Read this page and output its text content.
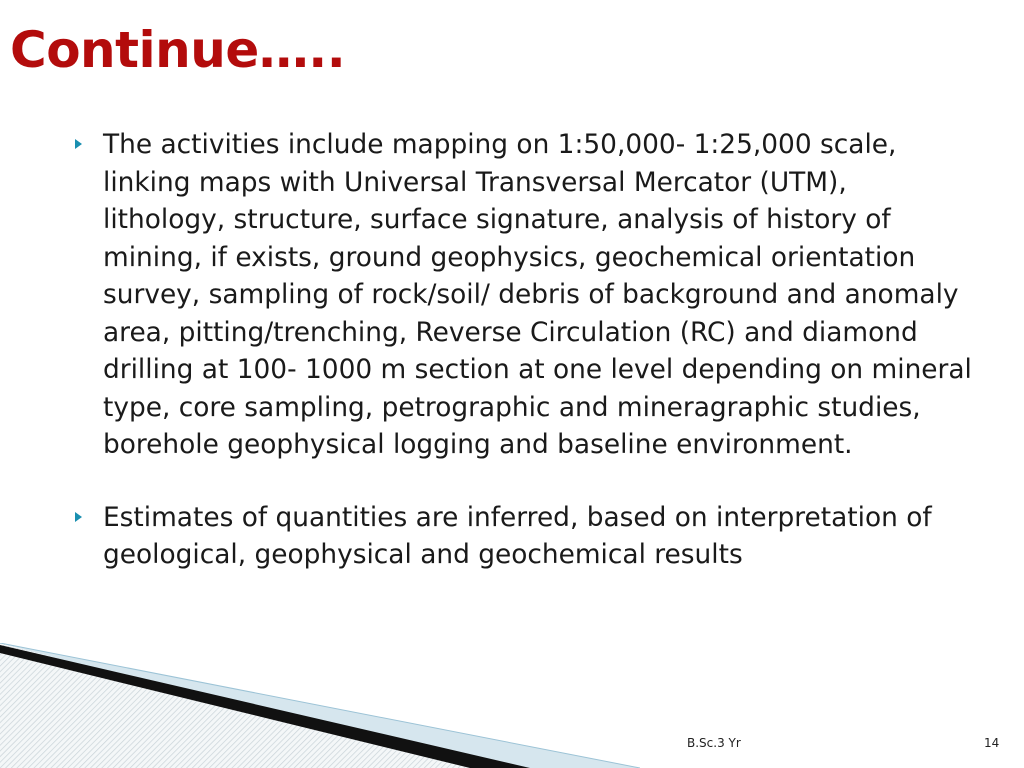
Continue…..
The activities include mapping on 1:50,000- 1:25,000 scale, linking maps with Universal Transversal Mercator (UTM), lithology, structure, surface signature, analysis of history of mining, if exists, ground geophysics, geochemical orientation survey, sampling of rock/soil/ debris of background and anomaly area, pitting/trenching, Reverse Circulation (RC) and diamond drilling at 100- 1000 m section at one level depending on mineral type, core sampling, petrographic and mineragraphic studies, borehole geophysical logging and baseline environment.
Estimates of quantities are inferred, based on interpretation of geological, geophysical and geochemical results
B.Sc.3 Yr	14
